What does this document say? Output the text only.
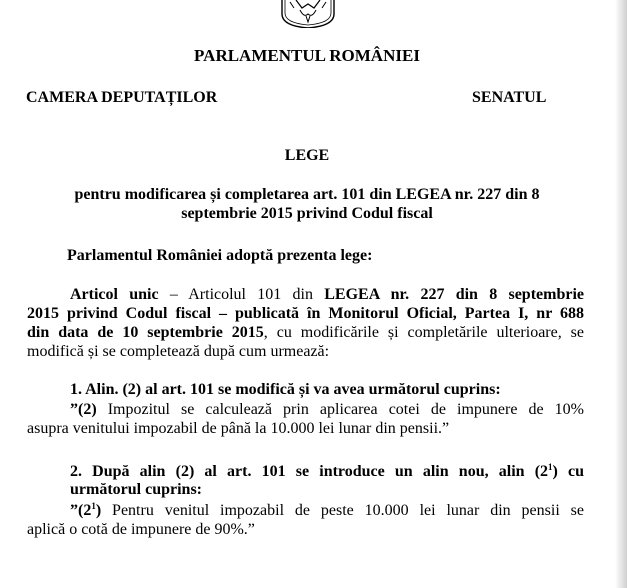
PARLAMENTUL ROMÂNIEI
CAMERA DEPUTAȚILOR	SENATUL
LEGE
pentru modificarea și completarea art. 101 din LEGEA nr. 227 din 8
septembrie 2015 privind Codul fiscal
Parlamentul României adoptă prezenta lege:
Articol unic – Articolul 101 din LEGEA nr. 227 din 8 septembrie
2015 privind Codul fiscal – publicată în Monitorul Oficial, Partea I, nr 688
din data de 10 septembrie 2015, cu modificările și completările ulterioare, se
modifică și se completează după cum urmează:
1. Alin. (2) al art. 101 se modifică și va avea următorul cuprins:
”(2) Impozitul se calculează prin aplicarea cotei de impunere de 10%
asupra venitului impozabil de până la 10.000 lei lunar din pensii.”
2. După alin (2) al art. 101 se introduce un alin nou, alin $(2^1)$ cu
următorul cuprins:
$”(2^1)$ Pentru venitul impozabil de peste 10.000 lei lunar din pensii se
aplică o cotă de impunere de 90%.”
